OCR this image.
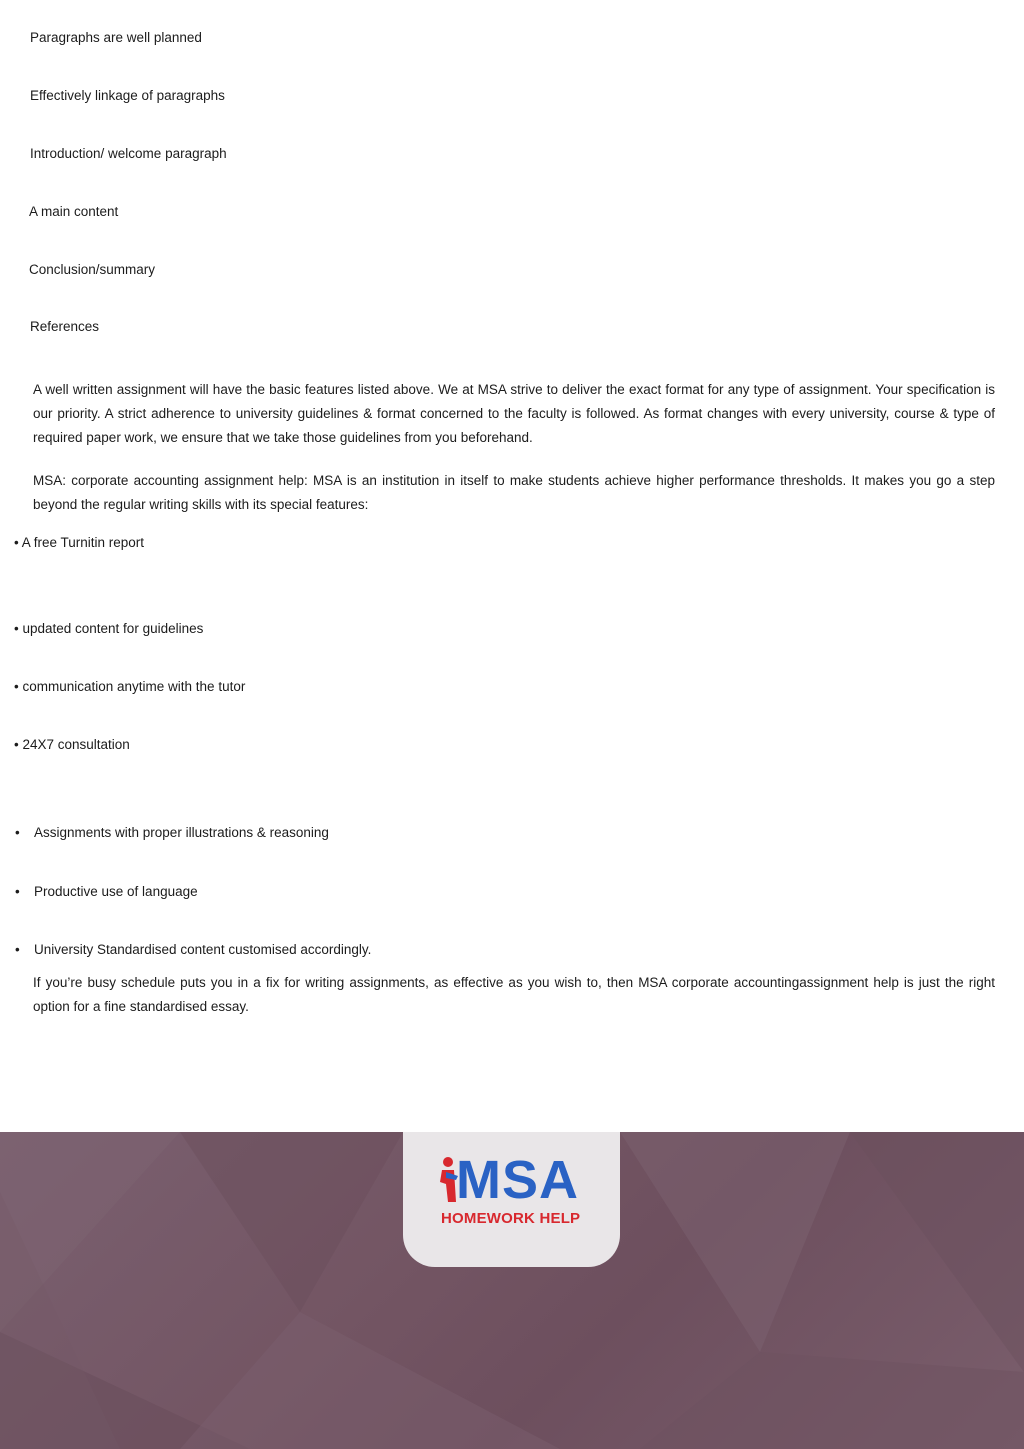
Paragraphs are well planned
Effectively linkage of paragraphs
Introduction/ welcome paragraph
A main content
Conclusion/summary
References
A well written assignment will have the basic features listed above. We at MSA strive to deliver the exact format for any type of assignment. Your specification is our priority. A strict adherence to university guidelines & format concerned to the faculty is followed. As format changes with every university, course & type of required paper work, we ensure that we take those guidelines from you beforehand.
MSA: corporate accounting assignment help: MSA is an institution in itself to make students achieve higher performance thresholds. It makes you go a step beyond the regular writing skills with its special features:
• A free Turnitin report
• updated content for guidelines
• communication anytime with the tutor
• 24X7 consultation
• Assignments with proper illustrations & reasoning
• Productive use of language
• University Standardised content customised accordingly.
If you’re busy schedule puts you in a fix for writing assignments, as effective as you wish to, then MSA corporate accountingassignment help is just the right option for a fine standardised essay.
MSA
HOMEWORK HELP
